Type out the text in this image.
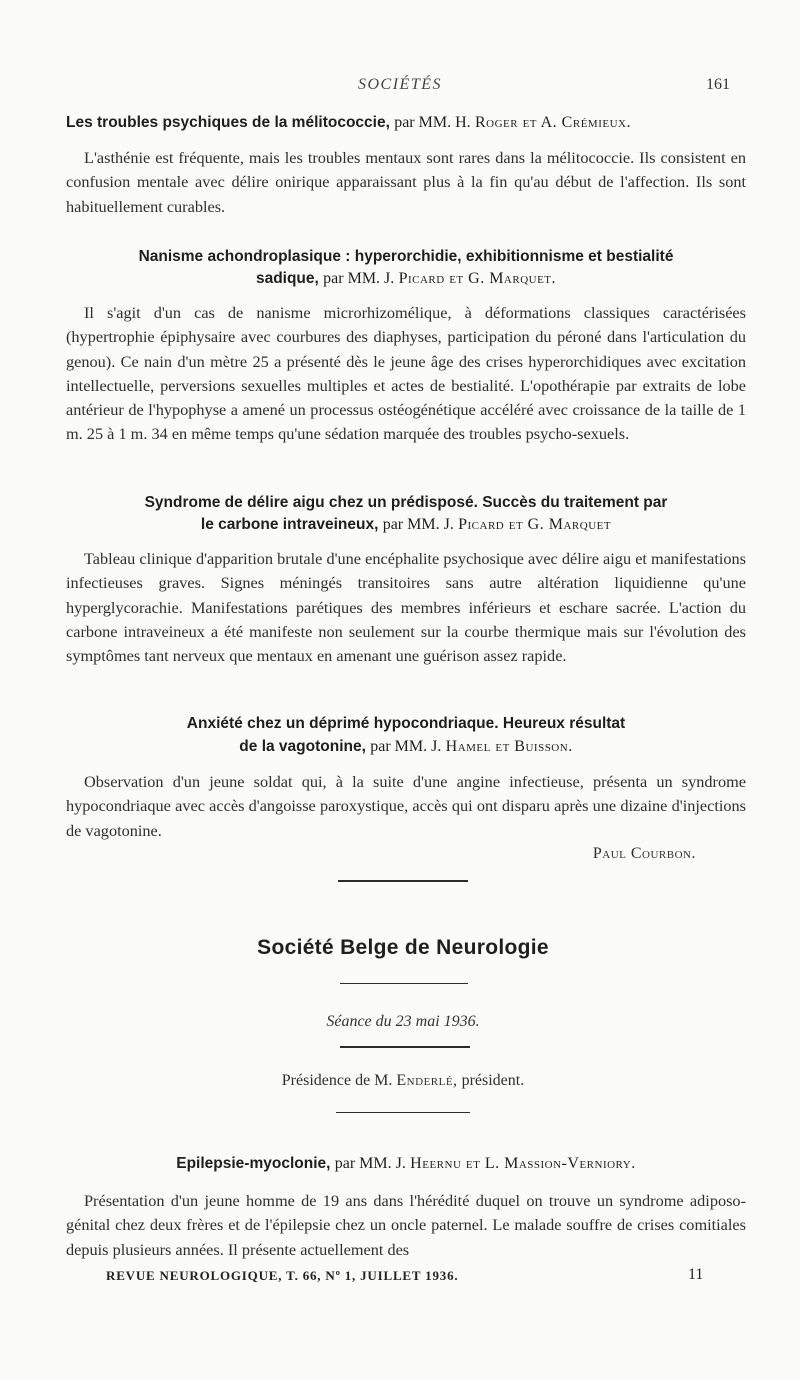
SOCIÉTÉS	161
Les troubles psychiques de la mélitococcie, par MM. H. Roger et A. Crémieux.
L'asthénie est fréquente, mais les troubles mentaux sont rares dans la mélitococcie. Ils consistent en confusion mentale avec délire onirique apparaissant plus à la fin qu'au début de l'affection. Ils sont habituellement curables.
Nanisme achondroplasique : hyperorchidie, exhibitionnisme et bestialité
sadique, par MM. J. Picard et G. Marquet.
Il s'agit d'un cas de nanisme microrhizomélique, à déformations classiques caractérisées (hypertrophie épiphysaire avec courbures des diaphyses, participation du péroné dans l'articulation du genou). Ce nain d'un mètre 25 a présenté dès le jeune âge des crises hyperorchidiques avec excitation intellectuelle, perversions sexuelles multiples et actes de bestialité. L'opothérapie par extraits de lobe antérieur de l'hypophyse a amené un processus ostéogénétique accéléré avec croissance de la taille de 1 m. 25 à 1 m. 34 en même temps qu'une sédation marquée des troubles psycho-sexuels.
Syndrome de délire aigu chez un prédisposé. Succès du traitement par
le carbone intraveineux, par MM. J. Picard et G. Marquet
Tableau clinique d'apparition brutale d'une encéphalite psychosique avec délire aigu et manifestations infectieuses graves. Signes méningés transitoires sans autre altération liquidienne qu'une hyperglycorachie. Manifestations parétiques des membres inférieurs et eschare sacrée. L'action du carbone intraveineux a été manifeste non seulement sur la courbe thermique mais sur l'évolution des symptômes tant nerveux que mentaux en amenant une guérison assez rapide.
Anxiété chez un déprimé hypocondriaque. Heureux résultat
de la vagotonine, par MM. J. Hamel et Buisson.
Observation d'un jeune soldat qui, à la suite d'une angine infectieuse, présenta un syndrome hypocondriaque avec accès d'angoisse paroxystique, accès qui ont disparu après une dizaine d'injections de vagotonine.
Paul Courbon.
Société Belge de Neurologie
Séance du 23 mai 1936.
Présidence de M. Enderlé, président.
Epilepsie-myoclonie, par MM. J. Heernu et L. Massion-Verniory.
Présentation d'un jeune homme de 19 ans dans l'hérédité duquel on trouve un syndrome adiposo-génital chez deux frères et de l'épilepsie chez un oncle paternel. Le malade souffre de crises comitiales depuis plusieurs années. Il présente actuellement des
REVUE NEUROLOGIQUE, T. 66, Nº 1, JUILLET 1936.	11
